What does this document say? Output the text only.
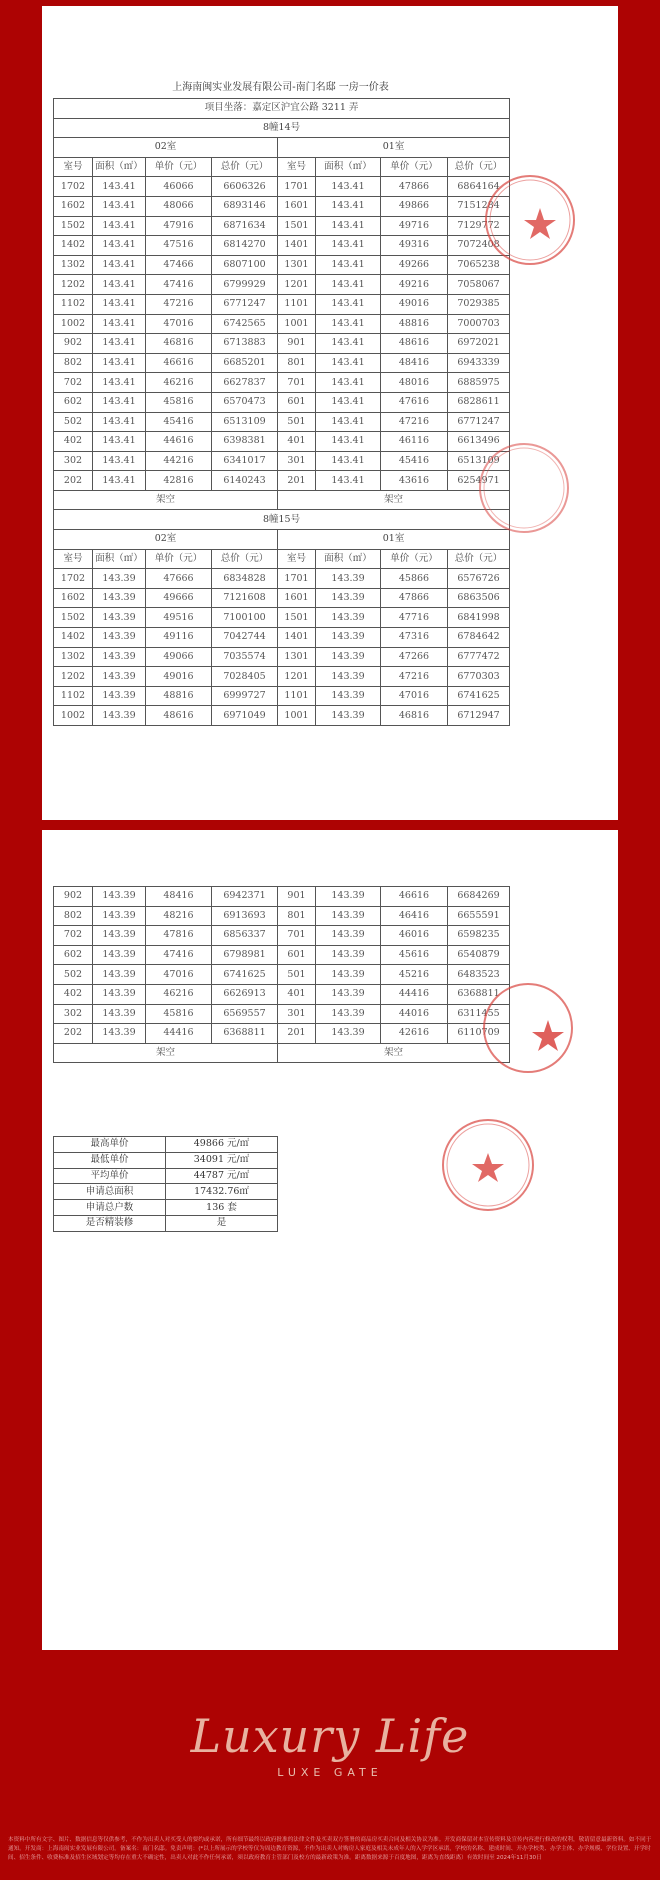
上海南闽实业发展有限公司-南门名邸 一房一价表
项目坐落：嘉定区沪宜公路 3211 弄							
8幢14号							
02室				01室			
室号	面积（㎡）	单价（元）	总价（元）	室号	面积（㎡）	单价（元）	总价（元）
1702	143.41	46066	6606326	1701	143.41	47866	6864164
1602	143.41	48066	6893146	1601	143.41	49866	7151284
1502	143.41	47916	6871634	1501	143.41	49716	7129772
1402	143.41	47516	6814270	1401	143.41	49316	7072408
1302	143.41	47466	6807100	1301	143.41	49266	7065238
1202	143.41	47416	6799929	1201	143.41	49216	7058067
1102	143.41	47216	6771247	1101	143.41	49016	7029385
1002	143.41	47016	6742565	1001	143.41	48816	7000703
902	143.41	46816	6713883	901	143.41	48616	6972021
802	143.41	46616	6685201	801	143.41	48416	6943339
702	143.41	46216	6627837	701	143.41	48016	6885975
602	143.41	45816	6570473	601	143.41	47616	6828611
502	143.41	45416	6513109	501	143.41	47216	6771247
402	143.41	44616	6398381	401	143.41	46116	6613496
302	143.41	44216	6341017	301	143.41	45416	6513109
202	143.41	42816	6140243	201	143.41	43616	6254971
架空				架空			
8幢15号							
02室				01室			
室号	面积（㎡）	单价（元）	总价（元）	室号	面积（㎡）	单价（元）	总价（元）
1702	143.39	47666	6834828	1701	143.39	45866	6576726
1602	143.39	49666	7121608	1601	143.39	47866	6863506
1502	143.39	49516	7100100	1501	143.39	47716	6841998
1402	143.39	49116	7042744	1401	143.39	47316	6784642
1302	143.39	49066	7035574	1301	143.39	47266	6777472
1202	143.39	49016	7028405	1201	143.39	47216	6770303
1102	143.39	48816	6999727	1101	143.39	47016	6741625
1002	143.39	48616	6971049	1001	143.39	46816	6712947
902	143.39	48416	6942371	901	143.39	46616	6684269
802	143.39	48216	6913693	801	143.39	46416	6655591
702	143.39	47816	6856337	701	143.39	46016	6598235
602	143.39	47416	6798981	601	143.39	45616	6540879
502	143.39	47016	6741625	501	143.39	45216	6483523
402	143.39	46216	6626913	401	143.39	44416	6368811
302	143.39	45816	6569557	301	143.39	44016	6311455
202	143.39	44416	6368811	201	143.39	42616	6110709
架空				架空			
最高单价	49866 元/㎡
最低单价	34091 元/㎡
平均单价	44787 元/㎡
申请总面积	17432.76㎡
申请总户数	136 套
是否精装修	是
Luxury Life
LUXE GATE
本资料中所有文字、图片、数据信息等仅供参考，不作为出卖人对买受人的要约或承诺，所有细节最终以政府批准的法律文件及买卖双方签署的商品房买卖合同及相关协议为准。开发商保留对本宣传资料及宣传内容进行修改的权利，敬请留意最新资料。如不同于通知。开发商：上海南闽实业发展有限公司。备案名：南门名邸。免责声明：(*以上所展示的学校等仅为周边教育资源，不作为出卖人对购房人家庭及相关未成年人的入学学区承诺，学校的名称、建成时间、开办学校类、办学主体、办学规模、学位设置、开学时间、招生条件、收费标准及招生区域划定等均存在重大不确定性，出卖人对此不作任何承诺，须以政府教育主管部门及校方的最新政策为准。距离数据来源于百度地图，距离为直线距离）有效时间至 2024年11月30日
